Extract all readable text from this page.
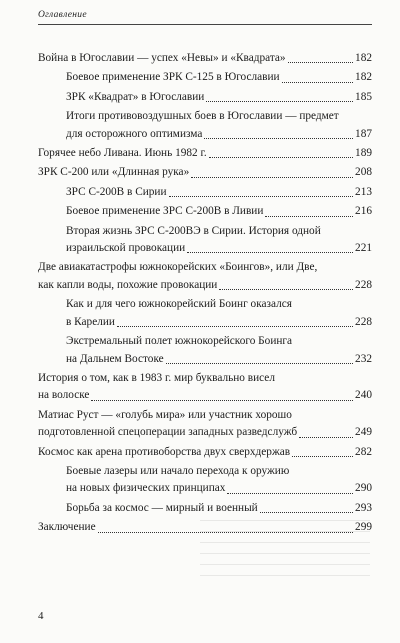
Оглавление
Война в Югославии — успех «Невы» и «Квадрата»	182
Боевое применение ЗРК С-125 в Югославии	182
ЗРК «Квадрат» в Югославии	185
Итоги противовоздушных боев в Югославии — предмет
для осторожного оптимизма	187
Горячее небо Ливана. Июнь 1982 г.	189
ЗРК С-200 или «Длинная рука»	208
ЗРС С-200В в Сирии	213
Боевое применение ЗРС С-200В в Ливии	216
Вторая жизнь ЗРС С-200ВЭ в Сирии. История одной
израильской провокации	221
Две авиакатастрофы южнокорейских «Боингов», или Две,
как капли воды, похожие провокации	228
Как и для чего южнокорейский Боинг оказался
в Карелии	228
Экстремальный полет южнокорейского Боинга
на Дальнем Востоке	232
История о том, как в 1983 г. мир буквально висел
на волоске	240
Матиас Руст — «голубь мира» или участник хорошо
подготовленной спецоперации западных разведслужб	249
Космос как арена противоборства двух сверхдержав	282
Боевые лазеры или начало перехода к оружию
на новых физических принципах	290
Борьба за космос — мирный и военный	293
Заключение	299
4
